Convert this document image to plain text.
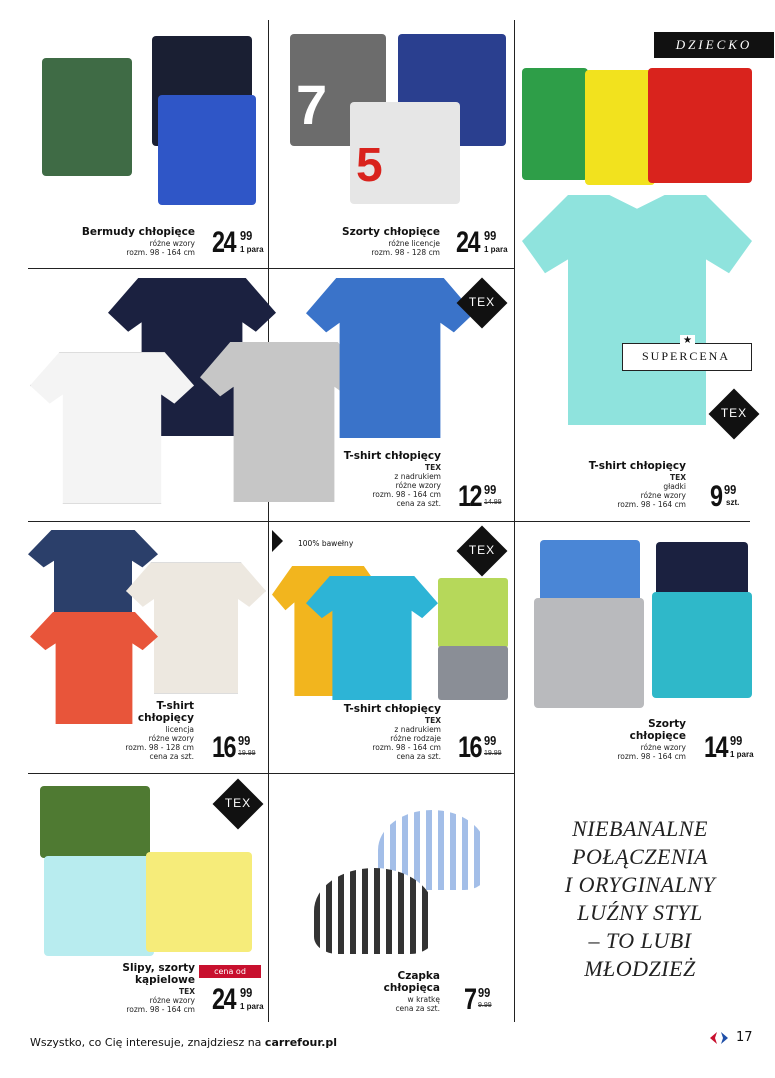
DZIECKO
Bermudy chłopięce
różne wzory
rozm. 98 - 164 cm 24 99
1 para
7
5
Szorty chłopięce
różne licencje
rozm. 98 - 128 cm 24 99
1 para
★
SUPERCENA
TEX
T-shirt chłopięcy
TEX
gładki
różne wzory
rozm. 98 - 164 cm 9 99
szt.
TEX
T-shirt chłopięcy
TEX
z nadrukiem
różne wzory
rozm. 98 - 164 cm
cena za szt. 12 99
14.99
T-shirt
chłopięcy
licencja
różne wzory
rozm. 98 - 128 cm
cena za szt. 16 99
19.99
100% bawełny	TEX
T-shirt chłopięcy
TEX
z nadrukiem
różne rodzaje
rozm. 98 - 164 cm
cena za szt. 16 99
19.99
Szorty
chłopięce
różne wzory
rozm. 98 - 164 cm 14 99
1 para
TEX
Slipy, szorty
kąpielowe
TEX
różne wzory
rozm. 98 - 164 cm
cena od
24 99
1 para
Czapka
chłopięca
w kratkę
cena za szt. 7 99
9.99
NIEBANALNE
POŁĄCZENIA
I ORYGINALNY
LUŹNY STYL
– TO LUBI
MŁODZIEŻ
Wszystko, co Cię interesuje, znajdziesz na carrefour.pl	17
